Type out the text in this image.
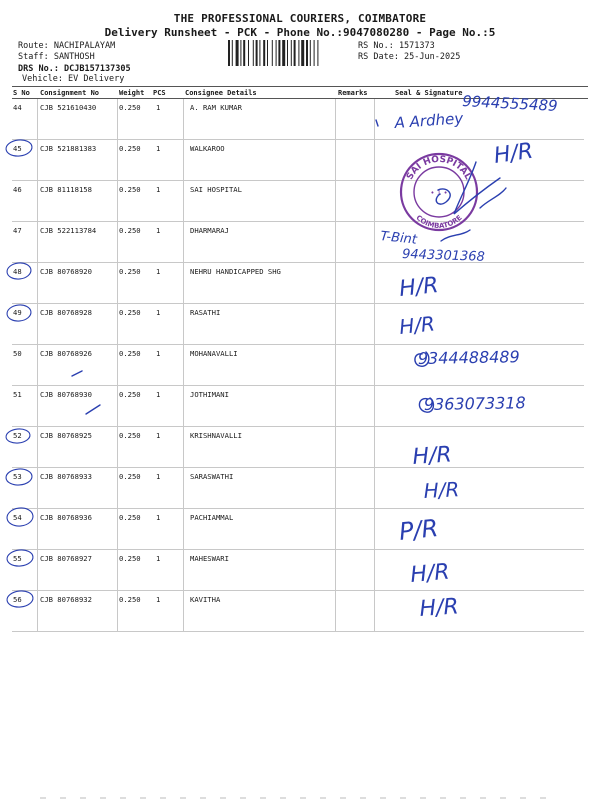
THE PROFESSIONAL COURIERS, COIMBATORE
Delivery Runsheet - PCK - Phone No.:9047080280 - Page No.:5
Route: NACHIPALAYAM
Staff: SANTHOSH
DRS No.: DCJB157137305
Vehicle: EV Delivery
RS No.: 1571373
RS Date: 25-Jun-2025
S No Consignment No	Weight PCS	Consignee Details	Remarks	Seal & Signature
44	CJB 521610430	0.250 1	A. RAM KUMAR
45	CJB 521881383	0.250 1	WALKAROO
46	CJB 81118158	0.250 1	SAI HOSPITAL
47	CJB 522113784	0.250 1	DHARMARAJ
48	CJB 80768920	0.250 1	NEHRU HANDICAPPED SHG
49	CJB 80768928	0.250 1	RASATHI
50	CJB 80768926	0.250 1	MOHANAVALLI
51	CJB 80768930	0.250 1	JOTHIMANI
52	CJB 80768925	0.250 1	KRISHNAVALLI
53	CJB 80768933	0.250 1	SARASWATHI
54	CJB 80768936	0.250 1	PACHIAMMAL
55	CJB 80768927	0.250 1	MAHESWARI
56	CJB 80768932	0.250 1	KAVITHA
SAI HOSPITAL
COIMBATORE
• 1 •
9944555489
A Ardhey
H/R
T-Bint
9443301368
H/R
H/R
9344488489
9363073318
H/R
H/R
P/R
H/R
H/R
